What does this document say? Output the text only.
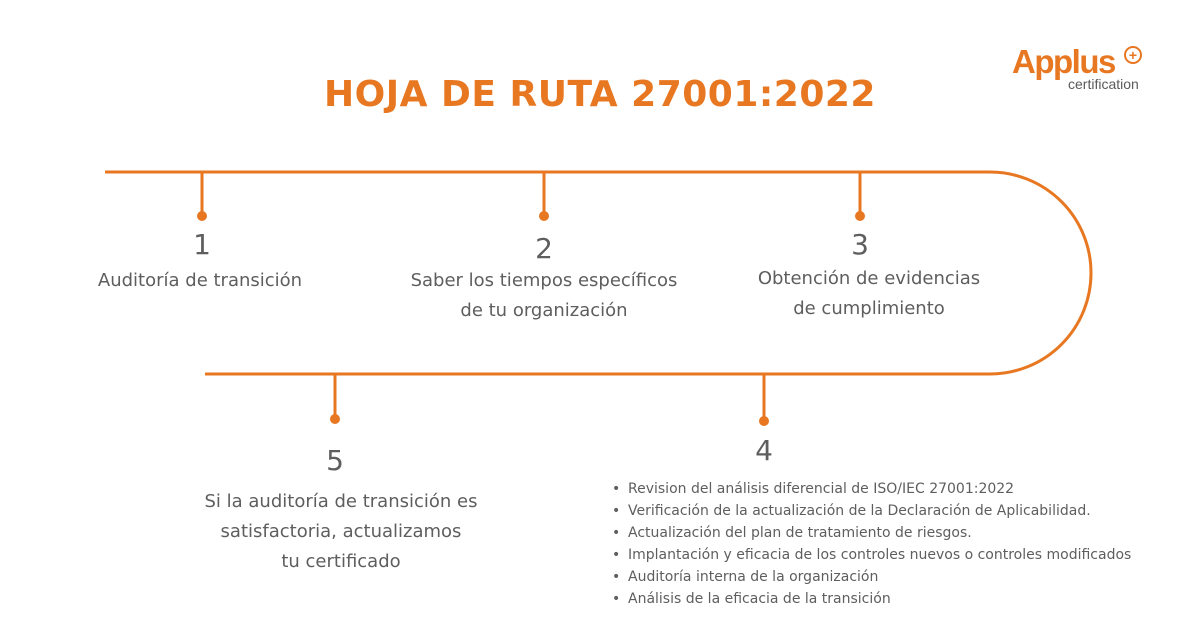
HOJA DE RUTA 27001:2022
Applus	+
certification
1
Auditoría de transición
2
Saber los tiempos específicos
de tu organización
3
Obtención de evidencias
de cumplimiento
5
Si la auditoría de transición es
satisfactoria, actualizamos
tu certificado
4
• Revision del análisis diferencial de ISO/IEC 27001:2022
• Verificación de la actualización de la Declaración de Aplicabilidad.
• Actualización del plan de tratamiento de riesgos.
• Implantación y eficacia de los controles nuevos o controles modificados
• Auditoría interna de la organización
• Análisis de la eficacia de la transición
